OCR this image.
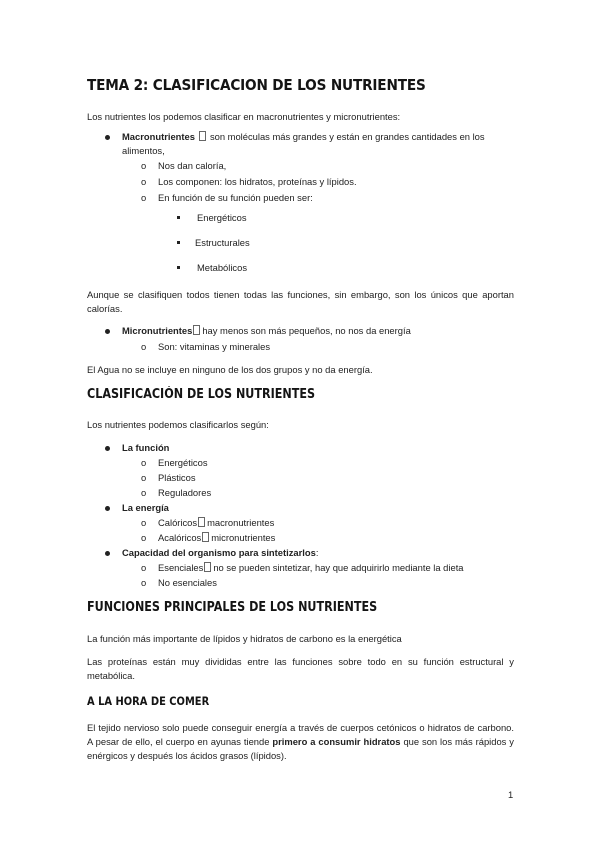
TEMA 2: CLASIFICACION DE LOS NUTRIENTES
Los nutrientes los podemos clasificar en macronutrientes y micronutrientes:
Macronutrientes son moléculas más grandes y están en grandes cantidades en los
alimentos,
o Nos dan caloría,
o Los componen: los hidratos, proteínas y lípidos.
o En función de su función pueden ser:
Energéticos
Estructurales
Metabólicos
Aunque se clasifiquen todos tienen todas las funciones, sin embargo, son los únicos que aportan calorías.
Micronutrientes hay menos son más pequeños, no nos da energía
o Son: vitaminas y minerales
El Agua no se incluye en ninguno de los dos grupos y no da energía.
CLASIFICACIÓN DE LOS NUTRIENTES
Los nutrientes podemos clasificarlos según:
La función
o Energéticos
o Plásticos
o Reguladores
La energía
o Calóricos macronutrientes
o Acalóricos micronutrientes
Capacidad del organismo para sintetizarlos:
o Esenciales no se pueden sintetizar, hay que adquirirlo mediante la dieta
o No esenciales
FUNCIONES PRINCIPALES DE LOS NUTRIENTES
La función más importante de lípidos y hidratos de carbono es la energética
Las proteínas están muy divididas entre las funciones sobre todo en su función estructural y metabólica.
A LA HORA DE COMER
El tejido nervioso solo puede conseguir energía a través de cuerpos cetónicos o hidratos de carbono. A pesar de ello, el cuerpo en ayunas tiende primero a consumir hidratos que son los más rápidos y enérgicos y después los ácidos grasos (lípidos).
1
